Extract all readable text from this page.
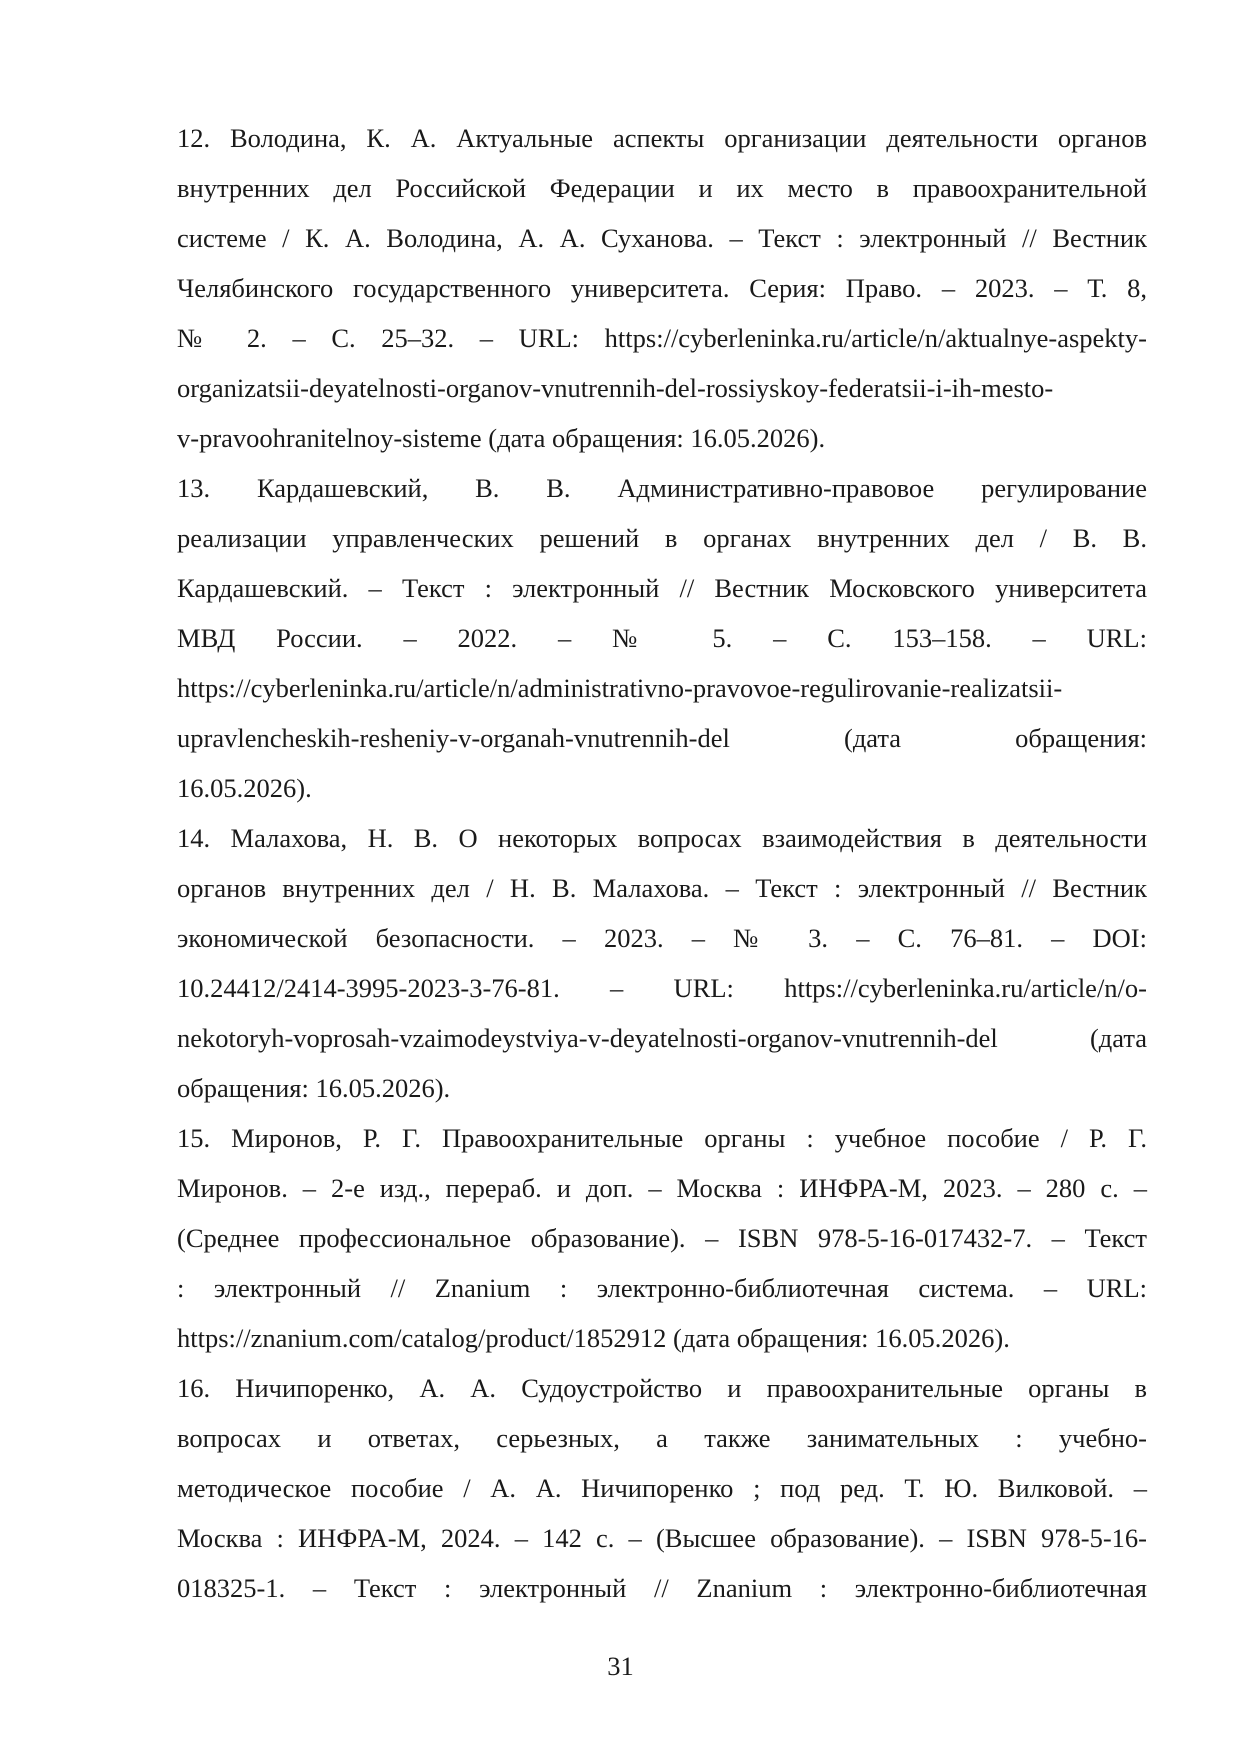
12. Володина, К. А. Актуальные аспекты организации деятельности органов
внутренних дел Российской Федерации и их место в правоохранительной
системе / К. А. Володина, А. А. Суханова. – Текст : электронный // Вестник
Челябинского государственного университета. Серия: Право. – 2023. – Т. 8,
№ 2. – С. 25–32. – URL: https://cyberleninka.ru/article/n/aktualnye-aspekty-
organizatsii-deyatelnosti-organov-vnutrennih-del-rossiyskoy-federatsii-i-ih-mesto-
v-pravoohranitelnoy-sisteme (дата обращения: 16.05.2026).

13. Кардашевский, В. В. Административно-правовое регулирование
реализации управленческих решений в органах внутренних дел / В. В.
Кардашевский. – Текст : электронный // Вестник Московского университета
МВД России. – 2022. – № 5. – С. 153–158. – URL:
https://cyberleninka.ru/article/n/administrativno-pravovoe-regulirovanie-realizatsii-
upravlencheskih-resheniy-v-organah-vnutrennih-del (дата обращения:
16.05.2026).

14. Малахова, Н. В. О некоторых вопросах взаимодействия в деятельности
органов внутренних дел / Н. В. Малахова. – Текст : электронный // Вестник
экономической безопасности. – 2023. – № 3. – С. 76–81. – DOI:
10.24412/2414-3995-2023-3-76-81. – URL: https://cyberleninka.ru/article/n/o-
nekotoryh-voprosah-vzaimodeystviya-v-deyatelnosti-organov-vnutrennih-del (дата
обращения: 16.05.2026).

15. Миронов, Р. Г. Правоохранительные органы : учебное пособие / Р. Г.
Миронов. – 2-е изд., перераб. и доп. – Москва : ИНФРА-М, 2023. – 280 с. –
(Среднее профессиональное образование). – ISBN 978-5-16-017432-7. – Текст
: электронный // Znanium : электронно-библиотечная система. – URL:
https://znanium.com/catalog/product/1852912 (дата обращения: 16.05.2026).

16. Ничипоренко, А. А. Судоустройство и правоохранительные органы в
вопросах и ответах, серьезных, а также занимательных : учебно-
методическое пособие / А. А. Ничипоренко ; под ред. Т. Ю. Вилковой. –
Москва : ИНФРА-М, 2024. – 142 с. – (Высшее образование). – ISBN 978-5-16-
018325-1. – Текст : электронный // Znanium : электронно-библиотечная

31
